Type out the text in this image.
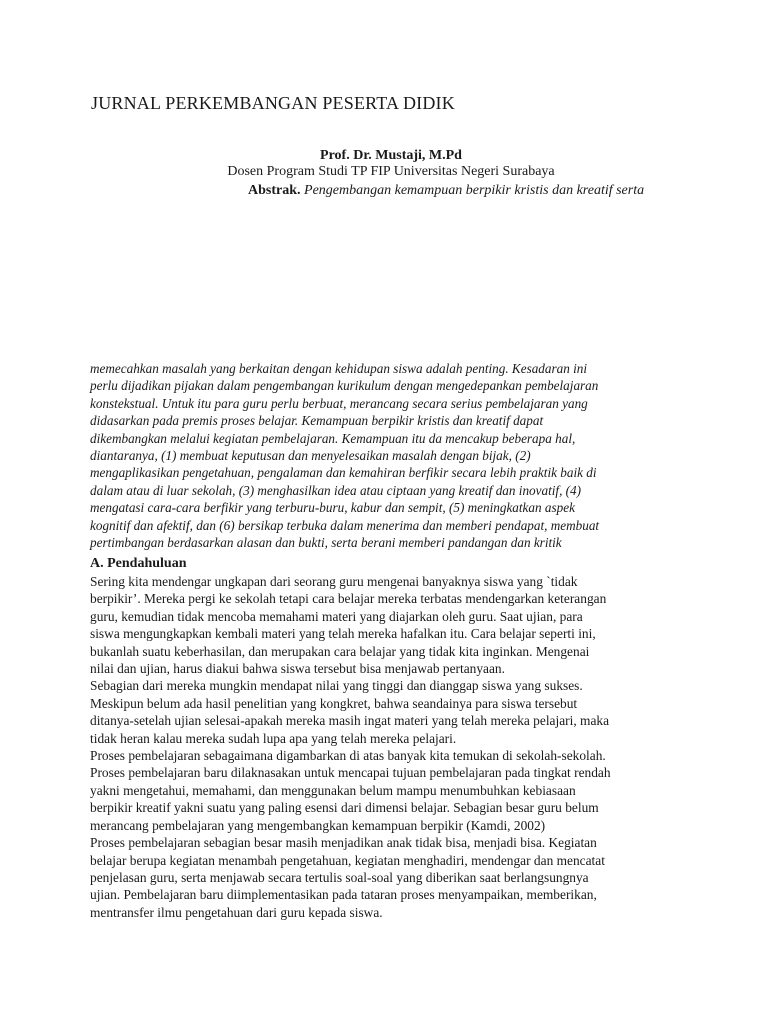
JURNAL PERKEMBANGAN PESERTA DIDIK
Prof. Dr. Mustaji, M.Pd
Dosen Program Studi TP FIP Universitas Negeri Surabaya
Abstrak. Pengembangan kemampuan berpikir kristis dan kreatif serta
memecahkan masalah yang berkaitan dengan kehidupan siswa adalah penting. Kesadaran ini
perlu dijadikan pijakan dalam pengembangan kurikulum dengan mengedepankan pembelajaran
konstekstual. Untuk itu para guru perlu berbuat, merancang secara serius pembelajaran yang
didasarkan pada premis proses belajar. Kemampuan berpikir kristis dan kreatif dapat
dikembangkan melalui kegiatan pembelajaran. Kemampuan itu da mencakup beberapa hal,
diantaranya, (1) membuat keputusan dan menyelesaikan masalah dengan bijak, (2)
mengaplikasikan pengetahuan, pengalaman dan kemahiran berfikir secara lebih praktik baik di
dalam atau di luar sekolah, (3) menghasilkan idea atau ciptaan yang kreatif dan inovatif, (4)
mengatasi cara-cara berfikir yang terburu-buru, kabur dan sempit, (5) meningkatkan aspek
kognitif dan afektif, dan (6) bersikap terbuka dalam menerima dan memberi pendapat, membuat
pertimbangan berdasarkan alasan dan bukti, serta berani memberi pandangan dan kritik
A. Pendahuluan
Sering kita mendengar ungkapan dari seorang guru mengenai banyaknya siswa yang `tidak
berpikir’. Mereka pergi ke sekolah tetapi cara belajar mereka terbatas mendengarkan keterangan
guru, kemudian tidak mencoba memahami materi yang diajarkan oleh guru. Saat ujian, para
siswa mengungkapkan kembali materi yang telah mereka hafalkan itu. Cara belajar seperti ini,
bukanlah suatu keberhasilan, dan merupakan cara belajar yang tidak kita inginkan. Mengenai
nilai dan ujian, harus diakui bahwa siswa tersebut bisa menjawab pertanyaan.
Sebagian dari mereka mungkin mendapat nilai yang tinggi dan dianggap siswa yang sukses.
Meskipun belum ada hasil penelitian yang kongkret, bahwa seandainya para siswa tersebut
ditanya-setelah ujian selesai-apakah mereka masih ingat materi yang telah mereka pelajari, maka
tidak heran kalau mereka sudah lupa apa yang telah mereka pelajari.
Proses pembelajaran sebagaimana digambarkan di atas banyak kita temukan di sekolah-sekolah.
Proses pembelajaran baru dilaknasakan untuk mencapai tujuan pembelajaran pada tingkat rendah
yakni mengetahui, memahami, dan menggunakan belum mampu menumbuhkan kebiasaan
berpikir kreatif yakni suatu yang paling esensi dari dimensi belajar. Sebagian besar guru belum
merancang pembelajaran yang mengembangkan kemampuan berpikir (Kamdi, 2002)
Proses pembelajaran sebagian besar masih menjadikan anak tidak bisa, menjadi bisa. Kegiatan
belajar berupa kegiatan menambah pengetahuan, kegiatan menghadiri, mendengar dan mencatat
penjelasan guru, serta menjawab secara tertulis soal-soal yang diberikan saat berlangsungnya
ujian. Pembelajaran baru diimplementasikan pada tataran proses menyampaikan, memberikan,
mentransfer ilmu pengetahuan dari guru kepada siswa.
